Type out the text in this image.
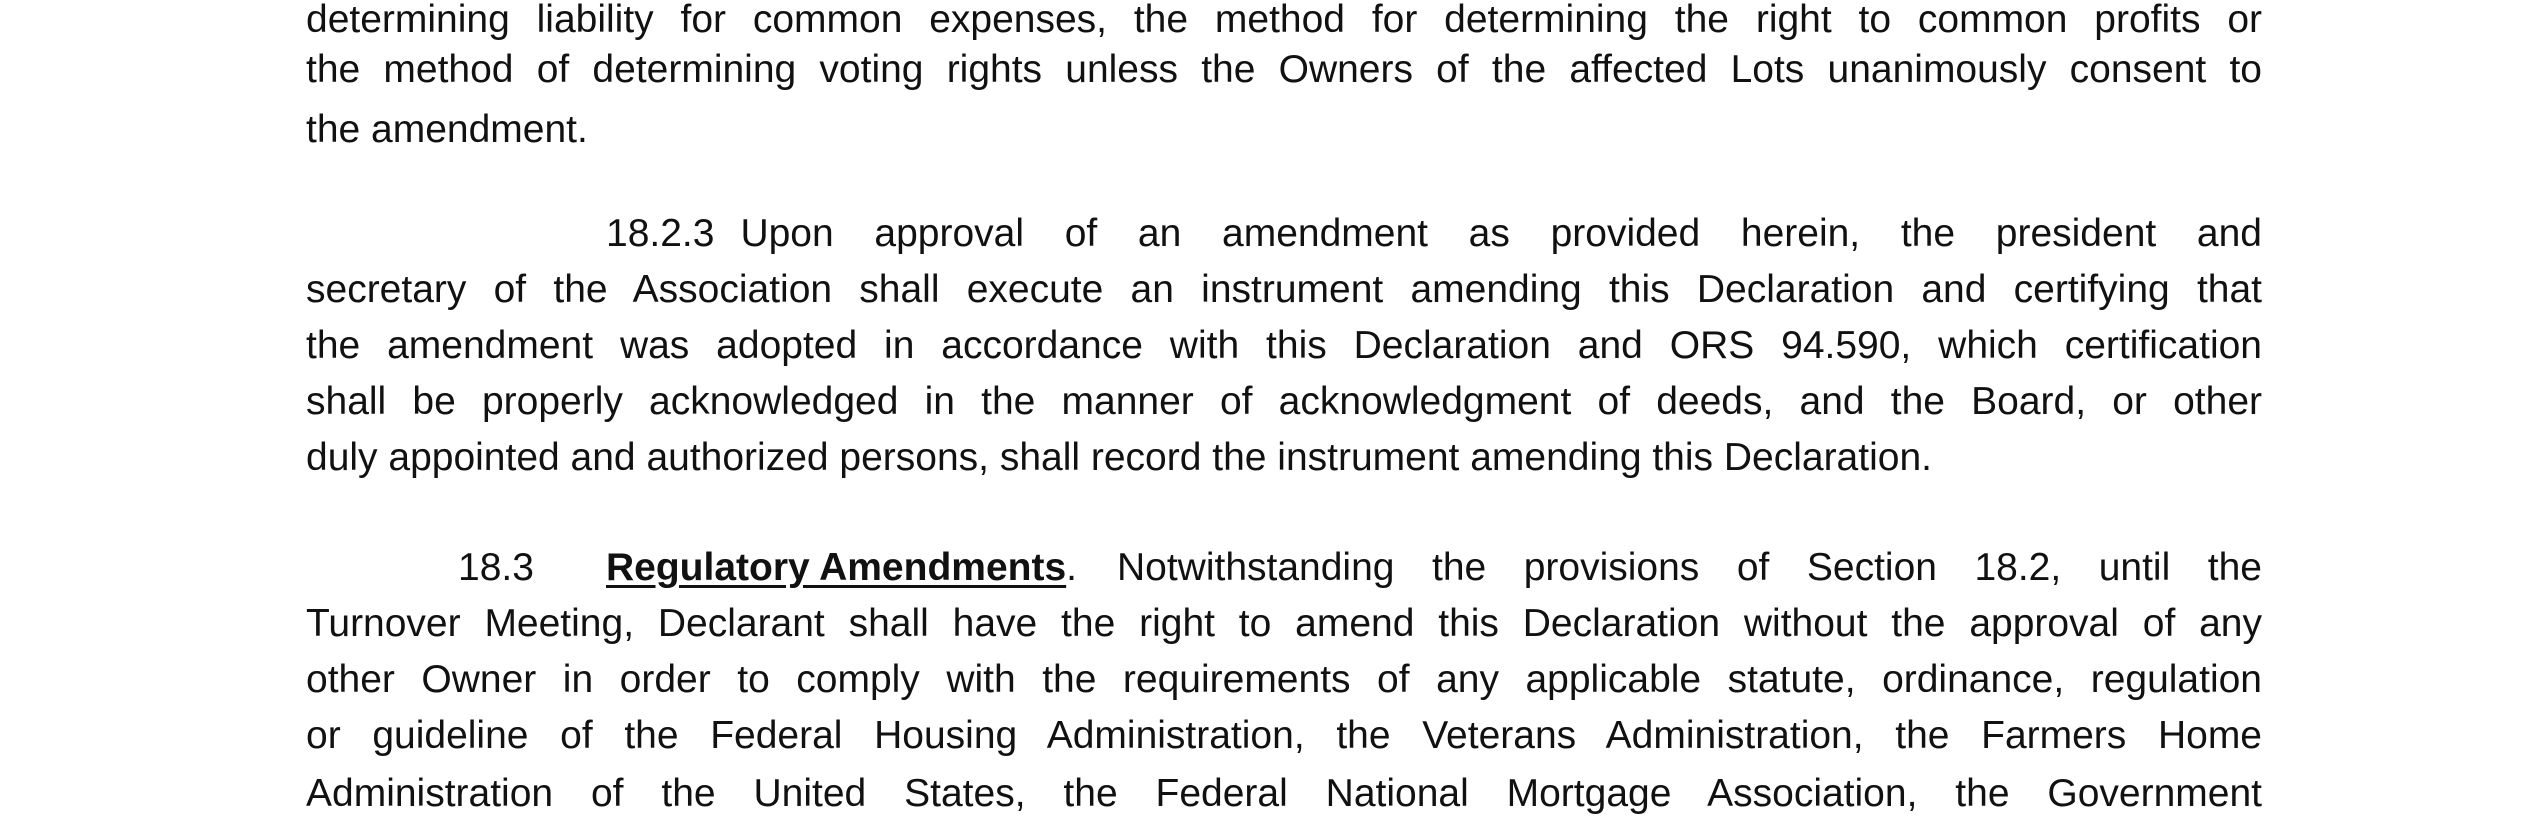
determining liability for common expenses, the method for determining the right to common profits or
the method of determining voting rights unless the Owners of the affected Lots unanimously consent to
the amendment.
18.2.3 Upon approval of an amendment as provided herein, the president and
secretary of the Association shall execute an instrument amending this Declaration and certifying that
the amendment was adopted in accordance with this Declaration and ORS 94.590, which certification
shall be properly acknowledged in the manner of acknowledgment of deeds, and the Board, or other
duly appointed and authorized persons, shall record the instrument amending this Declaration.
18.3	Regulatory Amendments. Notwithstanding the provisions of Section 18.2, until the
Turnover Meeting, Declarant shall have the right to amend this Declaration without the approval of any
other Owner in order to comply with the requirements of any applicable statute, ordinance, regulation
or guideline of the Federal Housing Administration, the Veterans Administration, the Farmers Home
Administration of the United States, the Federal National Mortgage Association, the Government
